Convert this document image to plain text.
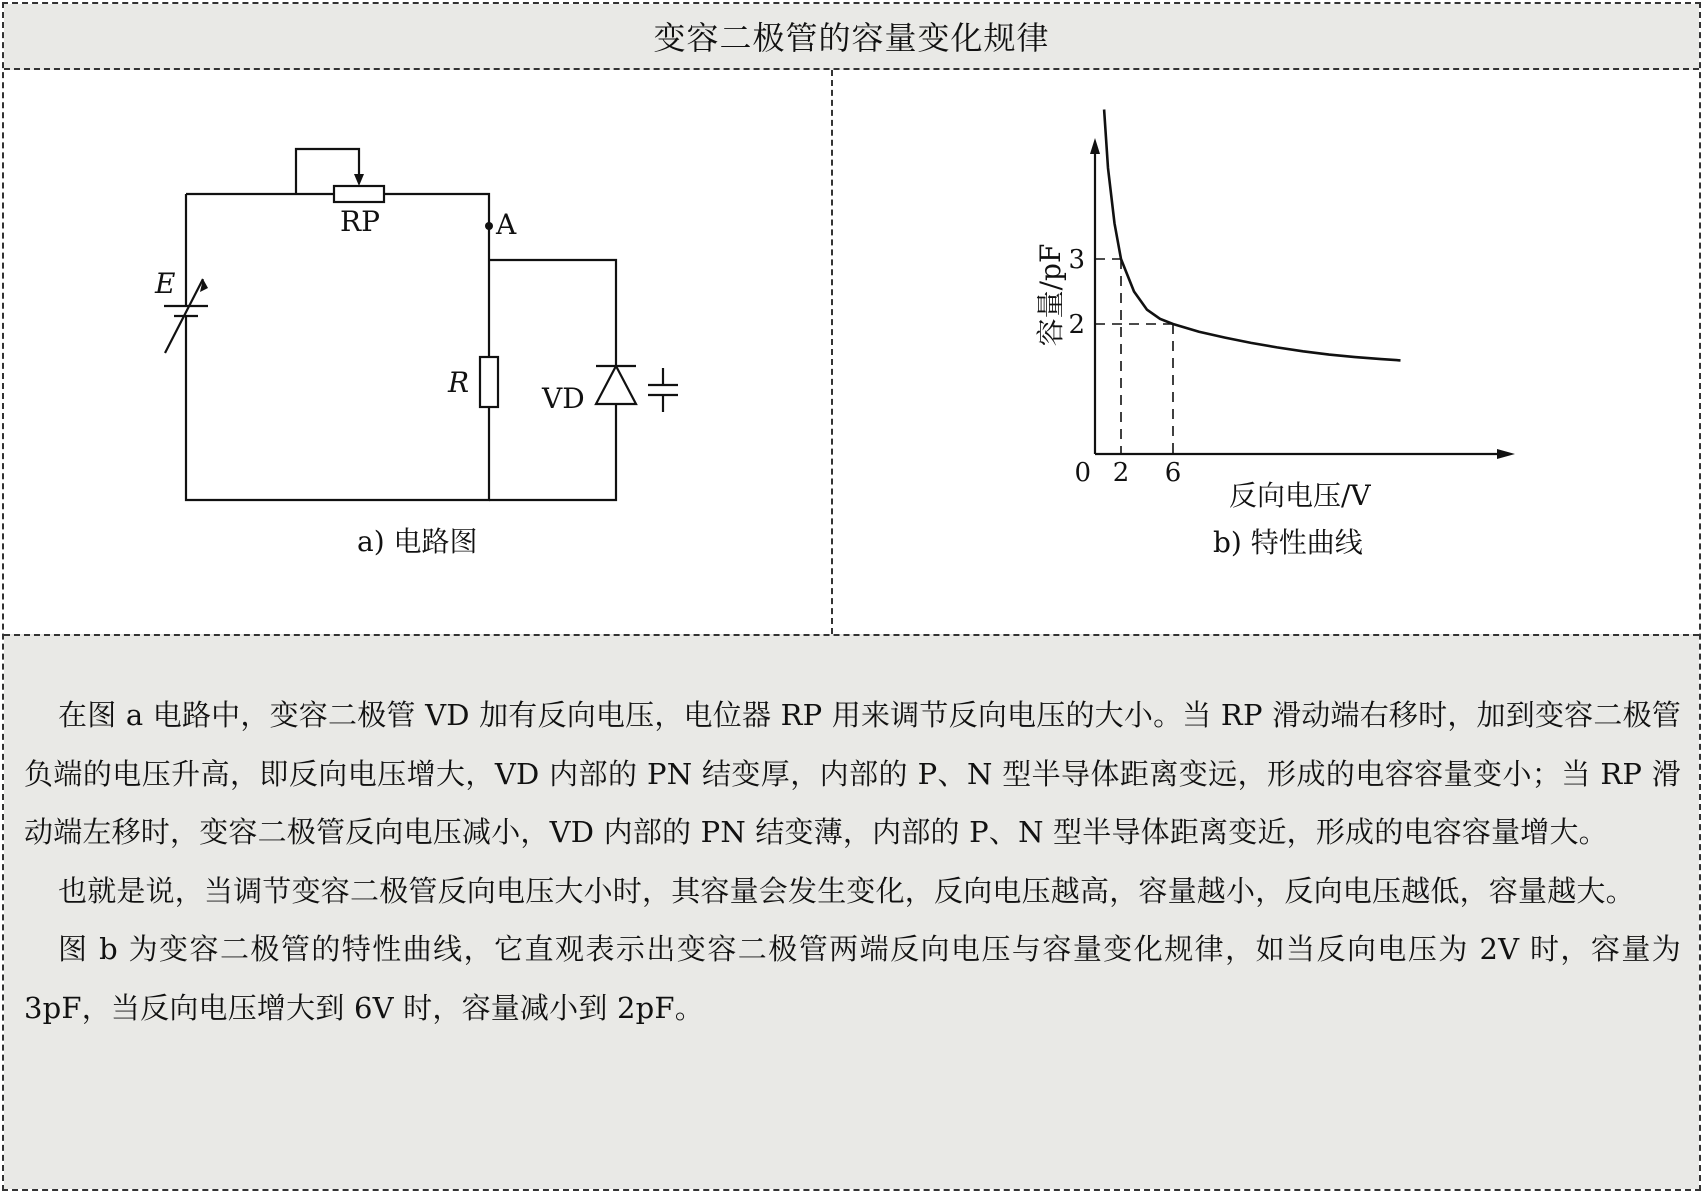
变容二极管的容量变化规律
RP	A
E
R	VD
a) 电路图
2 6
3
2
0
反向电压/V
容量/pF
b) 特性曲线

在图 a 电路中，变容二极管 VD 加有反向电压，电位器 RP 用来调节反向电压的大小。当 RP 滑动端右移时，加到变容二极管负端的电压升高，即反向电压增大，VD 内部的 PN 结变厚，内部的 P、N 型半导体距离变远，形成的电容容量变小；当 RP 滑动端左移时，变容二极管反向电压减小，VD 内部的 PN 结变薄，内部的 P、N 型半导体距离变近，形成的电容容量增大。

也就是说，当调节变容二极管反向电压大小时，其容量会发生变化，反向电压越高，容量越小，反向电压越低，容量越大。

图 b 为变容二极管的特性曲线，它直观表示出变容二极管两端反向电压与容量变化规律，如当反向电压为 2V 时，容量为 3pF，当反向电压增大到 6V 时，容量减小到 2pF。
